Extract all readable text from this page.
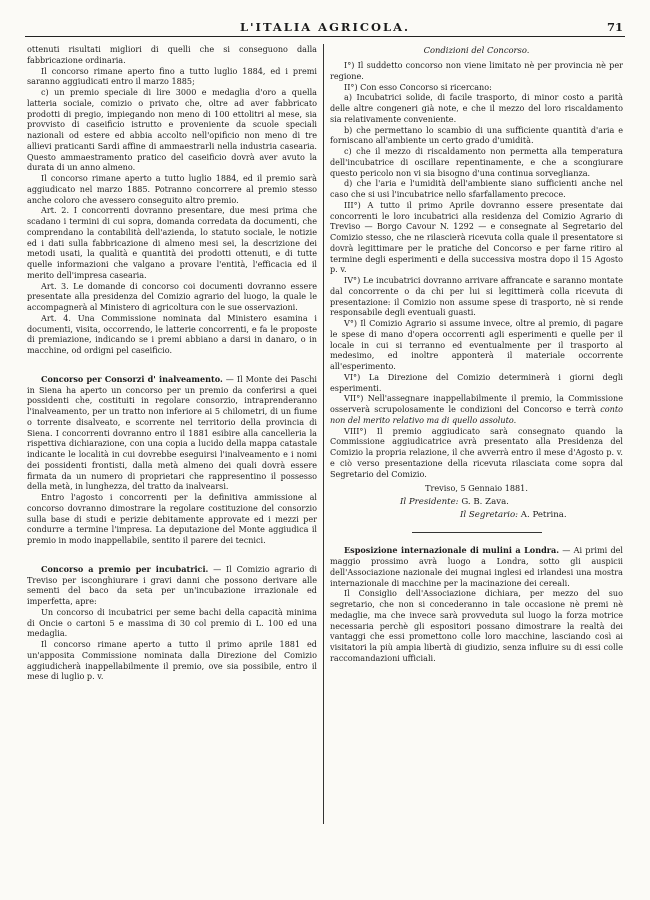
L'ITALIA AGRICOLA.	71

ottenuti risultati migliori di quelli che si conseguono dalla fabbricazione ordinaria.

Il concorso rimane aperto fino a tutto luglio 1884, ed i premi saranno aggiudicati entro il marzo 1885;

c) un premio speciale di lire 3000 e medaglia d'oro a quella latteria sociale, comizio o privato che, oltre ad aver fabbricato prodotti di pregio, impiegando non meno di 100 ettolitri al mese, sia provvisto di caseificio istrutto e proveniente da scuole speciali nazionali od estere ed abbia accolto nell'opificio non meno di tre allievi praticanti Sardi affine di ammaestrarli nella industria casearia. Questo ammaestramento pratico del caseificio dovrà aver avuto la durata di un anno almeno.

Il concorso rimane aperto a tutto luglio 1884, ed il premio sarà aggiudicato nel marzo 1885. Potranno concorrere al premio stesso anche coloro che avessero conseguito altro premio.

Art. 2. I concorrenti dovranno presentare, due mesi prima che scadano i termini di cui sopra, domanda corredata da documenti, che comprendano la contabilità dell'azienda, lo statuto sociale, le notizie ed i dati sulla fabbricazione di almeno mesi sei, la descrizione dei metodi usati, la qualità e quantità dei prodotti ottenuti, e di tutte quelle informazioni che valgano a provare l'entità, l'efficacia ed il merito dell'impresa casearia.

Art. 3. Le domande di concorso coi documenti dovranno essere presentate alla presidenza del Comizio agrario del luogo, la quale le accompagnerà al Ministero di agricoltura con le sue osservazioni.

Art. 4. Una Commissione nominata dal Ministero esamina i documenti, visita, occorrendo, le latterie concorrenti, e fa le proposte di premiazione, indicando se i premi abbiano a darsi in danaro, o in macchine, od ordigni pel caseificio.

Concorso per Consorzi d' inalveamento. — Il Monte dei Paschi in Siena ha aperto un concorso per un premio da conferirsi a quei possidenti che, costituiti in regolare consorzio, intraprenderanno l'inalveamento, per un tratto non inferiore ai 5 chilometri, di un fiume o torrente disalveato, e scorrente nel territorio della provincia di Siena. I concorrenti dovranno entro il 1881 esibire alla cancelleria la rispettiva dichiarazione, con una copia a lucido della mappa catastale indicante le località in cui dovrebbe eseguirsi l'inalveamento e i nomi dei possidenti frontisti, dalla metà almeno dei quali dovrà essere firmata da un numero di proprietari che rappresentino il possesso della metà, in lunghezza, del tratto da inalvearsi.

Entro l'agosto i concorrenti per la definitiva ammissione al concorso dovranno dimostrare la regolare costituzione del consorzio sulla base di studi e perizie debitamente approvate ed i mezzi per condurre a termine l'impresa. La deputazione del Monte aggiudica il premio in modo inappellabile, sentito il parere dei tecnici.

Concorso a premio per incubatrici. — Il Comizio agrario di Treviso per isconghiurare i gravi danni che possono derivare alle sementi del baco da seta per un'incubazione irrazionale ed imperfetta, apre:

Un concorso di incubatrici per seme bachi della capacità minima di Oncie o cartoni 5 e massima di 30 col premio di L. 100 ed una medaglia.

Il concorso rimane aperto a tutto il primo aprile 1881 ed un'apposita Commissione nominata dalla Direzione del Comizio aggiudicherà inappellabilmente il premio, ove sia possibile, entro il mese di luglio p. v.

Condizioni del Concorso.

I°) Il suddetto concorso non viene limitato nè per provincia nè per regione.

II°) Con esso Concorso si ricercano:

a) Incubatrici solide, di facile trasporto, di minor costo a parità delle altre congeneri già note, e che il mezzo del loro riscaldamento sia relativamente conveniente.

b) che permettano lo scambio di una sufficiente quantità d'aria e forniscano all'ambiente un certo grado d'umidità.

c) che il mezzo di riscaldamento non permetta alla temperatura dell'incubatrice di oscillare repentinamente, e che a scongiurare questo pericolo non vi sia bisogno d'una continua sorveglianza.

d) che l'aria e l'umidità dell'ambiente siano sufficienti anche nel caso che si usi l'incubatrice nello sfarfallamento precoce.

III°) A tutto il primo Aprile dovranno essere presentate dai concorrenti le loro incubatrici alla residenza del Comizio Agrario di Treviso — Borgo Cavour N. 1292 — e consegnate al Segretario del Comizio stesso, che ne rilascierà ricevuta colla quale il presentatore si dovrà legittimare per le pratiche del Concorso e per farne ritiro al termine degli esperimenti e della successiva mostra dopo il 15 Agosto p. v.

IV°) Le incubatrici dovranno arrivare affrancate e saranno montate dal concorrente o da chi per lui si legittimerà colla ricevuta di presentazione: il Comizio non assume spese di trasporto, nè si rende responsabile degli eventuali guasti.

V°) Il Comizio Agrario si assume invece, oltre al premio, di pagare le spese di mano d'opera occorrenti agli esperimenti e quelle per il locale in cui si terranno ed eventualmente per il trasporto al medesimo, ed inoltre apponterà il materiale occorrente all'esperimento.

VI°) La Direzione del Comizio determinerà i giorni degli esperimenti.

VII°) Nell'assegnare inappellabilmente il premio, la Commissione osserverà scrupolosamente le condizioni del Concorso e terrà conto non del merito relativo ma di quello assoluto.

VIII°) Il premio aggiudicato sarà consegnato quando la Commissione aggiudicatrice avrà presentato alla Presidenza del Comizio la propria relazione, il che avverrà entro il mese d'Agosto p. v. e ciò verso presentazione della ricevuta rilasciata come sopra dal Segretario del Comizio.

Treviso, 5 Gennaio 1881.

Il Presidente: G. B. Zava.
Il Segretario: A. Petrina.

Esposizione internazionale di mulini a Londra. — Ai primi del maggio prossimo avrà luogo a Londra, sotto gli auspicii dell'Associazione nazionale dei mugnai inglesi ed irlandesi una mostra internazionale di macchine per la macinazione dei cereali.

Il Consiglio dell'Associazione dichiara, per mezzo del suo segretario, che non si concederanno in tale occasione nè premi nè medaglie, ma che invece sarà provveduta sul luogo la forza motrice necessaria perchè gli espositori possano dimostrare la realtà dei vantaggi che essi promettono colle loro macchine, lasciando così ai visitatori la più ampia libertà di giudizio, senza influire su di essi colle raccomandazioni ufficiali.
